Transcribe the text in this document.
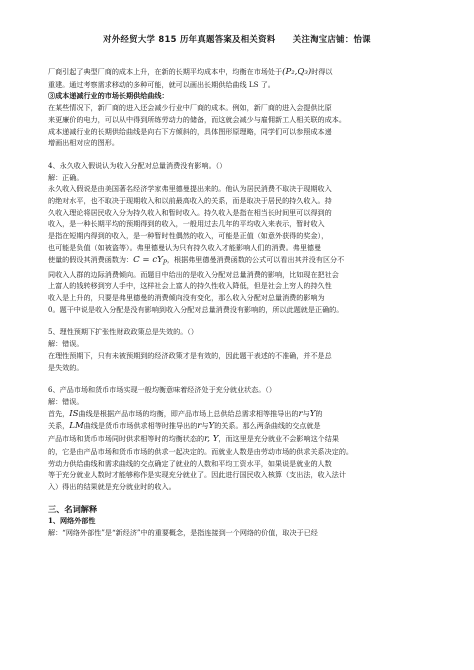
对外经贸大学 815 历年真题答案及相关资料　　关注淘宝店铺：怡课

厂商引起了典型厂商的成本上升，在新的长期平均成本中，均衡在市场处于(P₂,Q₃)时得以

重建。通过考察需求移动的多种可能，就可以画出长期供给曲线 LS 了。

③成本递减行业的市场长期供给曲线：

在某些情况下，新厂商的进入还会减少行业中厂商的成本。例如，新厂商的进入会提供比原

来更廉价的电力，可以从中得到所练劳动力的储备，而这就会减少与雇佣新工人相关联的成本。

成本递减行业的长期供给曲线是向右下方倾斜的，具体图形原理略，同学们可以参照成本递

增画出相对应的图形。

4、永久收入假说认为收入分配对总量消费没有影响。（）

解：正确。

永久收入假说是由美国著名经济学家弗里德曼提出来的。他认为居民消费不取决于现期收入

的绝对水平，也不取决于现期收入和以前最高收入的关系，而是取决于居民的持久收入。持

久收入理论将居民收入分为持久收入和暂时收入。持久收入是指在相当长时间里可以得到的

收入，是一种长期平均的预期得到的收入，一般用过去几年的平均收入来表示，暂时收入

是指在短期内得到的收入，是一种暂时性偶然的收入，可能是正值（如意外获得的奖金），

也可能是负值（如被盗等）。弗里德曼认为只有持久收入才能影响人们的消费。弗里德曼

使量的假设其消费函数为：$C = cY_P$，根据弗里德曼消费函数的公式可以看出其并没有区分不

同收入人群的边际消费倾向。而题目中给出的是收入分配对总量消费的影响，比如现在把社会

上富人的钱转移到穷人手中，这样社会上富人的持久性收入降低，但是社会上穷人的持久性

收入是上升的，只要是弗里德曼的消费倾向没有变化，那么收入分配对总量消费的影响为

0。题干中说是收入分配是没有影响到收入分配对总量消费没有影响的，所以此题就是正确的。

5、理性预期下扩张性财政政策总是失效的。（）

解：错误。

在理性预期下，只有未被预期到的经济政策才是有效的，因此题干表述的不准确，并不是总

是失效的。

6、产品市场和货币市场实现一般均衡意味着经济处于充分就业状态。（）

解：错误。

首先，IS曲线是根据产品市场的均衡，即产品市场上总供给总需求相等推导出的r与Y的

关系，LM曲线是货币市场供求相等时推导出的r与Y的关系。那么两条曲线的交点就是

产品市场和货币市场同时供求相等时的均衡状态的r, Y，而这里是充分就业不会影响这个结果

的，它是由产品市场和货币市场的供求一起决定的。而就业人数是由劳动市场的供求关系决定的。

劳动力供给曲线和需求曲线的交点确定了就业的人数和平均工资水平，如果说是就业的人数

等于充分就业人数时才能够称作是实现充分就业了。因此进行国民收入核算（支出法，收入法计

入）得出的结果就是充分就业时的收入。

三、名词解释

1、网络外部性

解：“网络外部性”是“新经济”中的重要概念，是指连接到一个网络的价值，取决于已经
